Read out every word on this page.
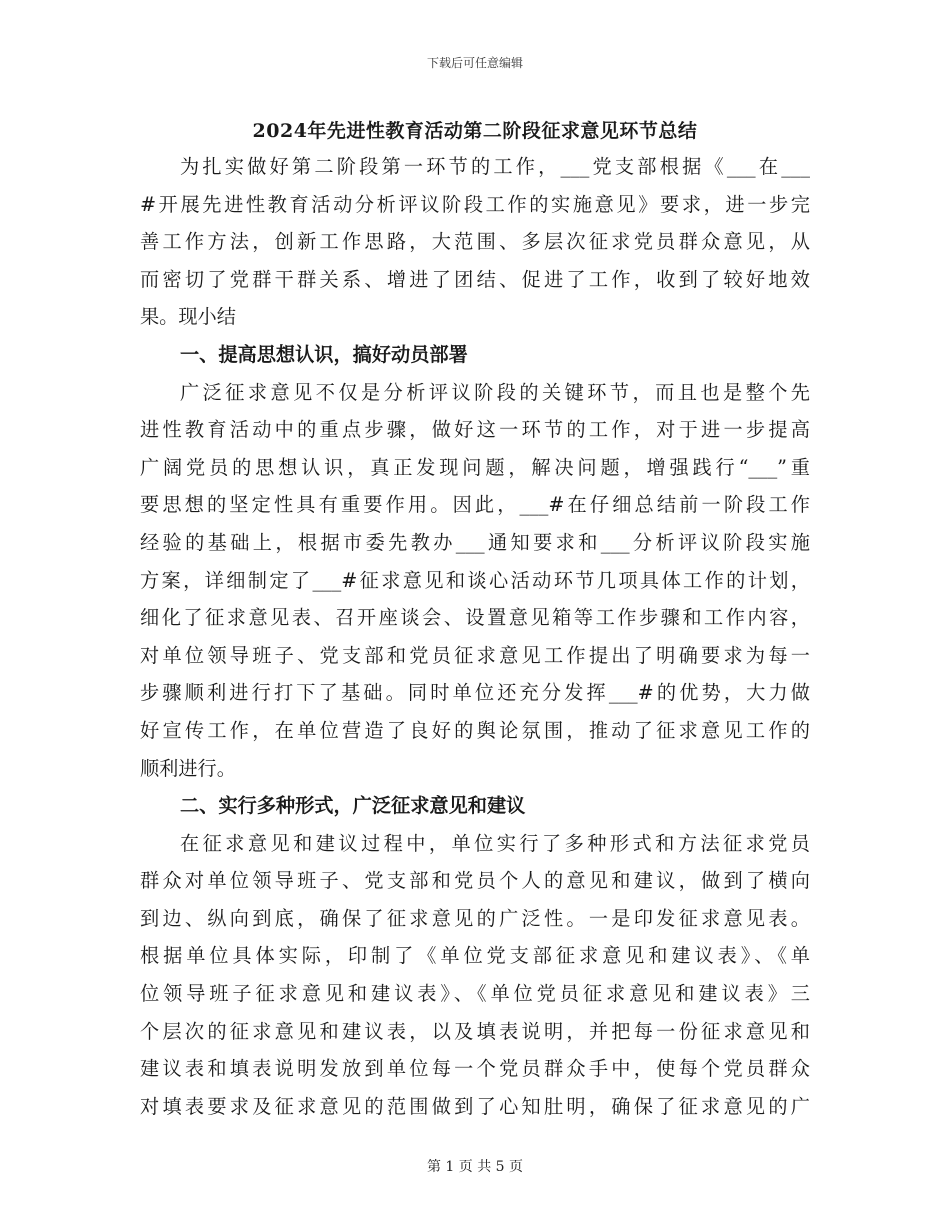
下载后可任意编辑
2024年先进性教育活动第二阶段征求意见环节总结
为扎实做好第二阶段第一环节的工作，___党支部根据《___在___
#开展先进性教育活动分析评议阶段工作的实施意见》要求，进一步完
善工作方法，创新工作思路，大范围、多层次征求党员群众意见，从
而密切了党群干群关系、增进了团结、促进了工作，收到了较好地效
果。现小结
一、提高思想认识，搞好动员部署
广泛征求意见不仅是分析评议阶段的关键环节，而且也是整个先
进性教育活动中的重点步骤，做好这一环节的工作，对于进一步提高
广阔党员的思想认识，真正发现问题，解决问题，增强践行“___”重
要思想的坚定性具有重要作用。因此，___#在仔细总结前一阶段工作
经验的基础上，根据市委先教办___通知要求和___分析评议阶段实施
方案，详细制定了___#征求意见和谈心活动环节几项具体工作的计划，
细化了征求意见表、召开座谈会、设置意见箱等工作步骤和工作内容，
对单位领导班子、党支部和党员征求意见工作提出了明确要求为每一
步骤顺利进行打下了基础。同时单位还充分发挥___#的优势，大力做
好宣传工作，在单位营造了良好的舆论氛围，推动了征求意见工作的
顺利进行。
二、实行多种形式，广泛征求意见和建议
在征求意见和建议过程中，单位实行了多种形式和方法征求党员
群众对单位领导班子、党支部和党员个人的意见和建议，做到了横向
到边、纵向到底，确保了征求意见的广泛性。一是印发征求意见表。
根据单位具体实际，印制了《单位党支部征求意见和建议表》、《单
位领导班子征求意见和建议表》、《单位党员征求意见和建议表》三
个层次的征求意见和建议表，以及填表说明，并把每一份征求意见和
建议表和填表说明发放到单位每一个党员群众手中，使每个党员群众
对填表要求及征求意见的范围做到了心知肚明，确保了征求意见的广
第 1 页 共 5 页
